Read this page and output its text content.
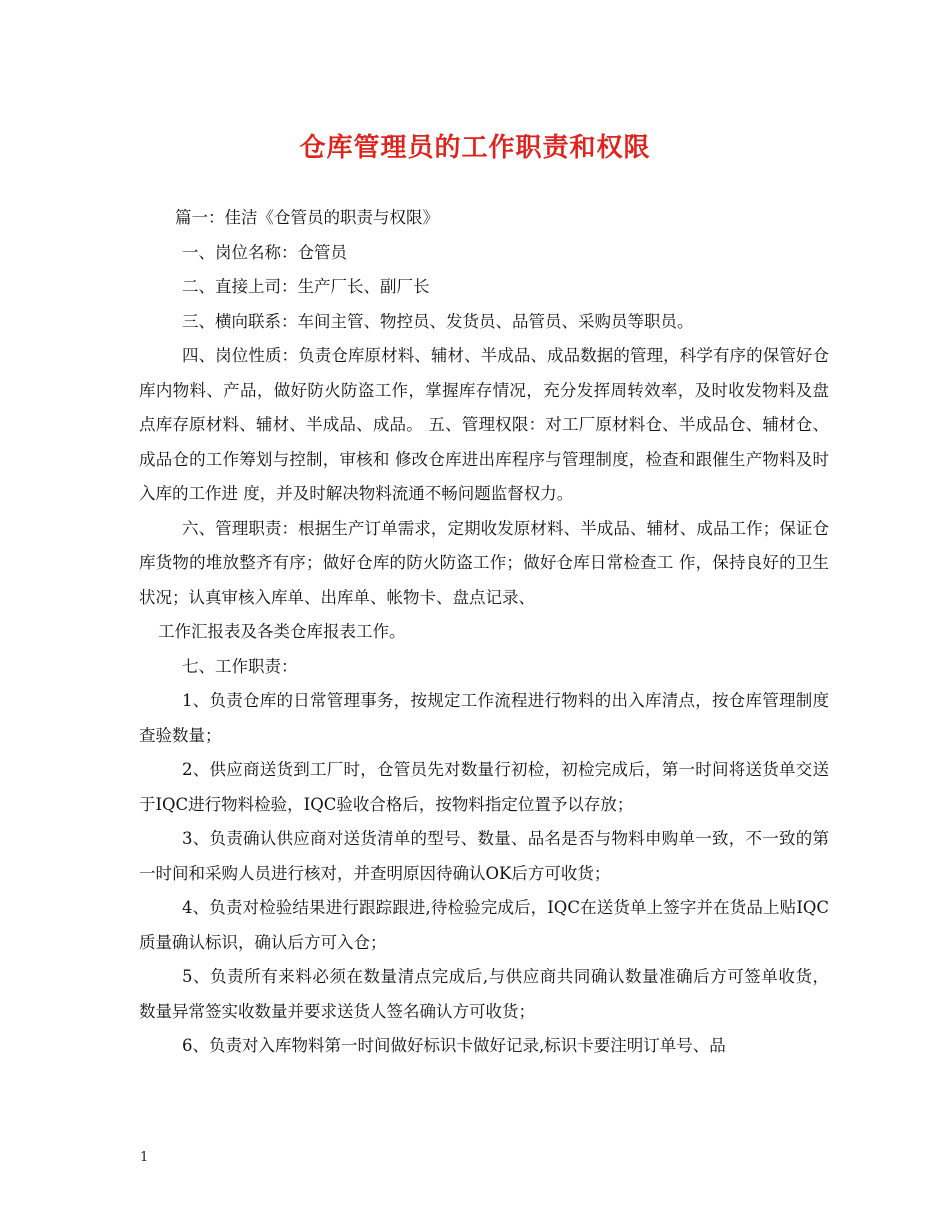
仓库管理员的工作职责和权限

篇一：佳洁《仓管员的职责与权限》

一、岗位名称：仓管员

二、直接上司：生产厂长、副厂长

三、横向联系：车间主管、物控员、发货员、品管员、采购员等职员。

四、岗位性质：负责仓库原材料、辅材、半成品、成品数据的管理，科学有序的保管好仓 库内物料、产品，做好防火防盗工作，掌握库存情况，充分发挥周转效率，及时收发物料及盘点库存原材料、辅材、半成品、成品。 五、管理权限：对工厂原材料仓、半成品仓、辅材仓、成品仓的工作筹划与控制，审核和 修改仓库进出库程序与管理制度，检查和跟催生产物料及时入库的工作进 度，并及时解决物料流通不畅问题监督权力。

六、管理职责：根据生产订单需求，定期收发原材料、半成品、辅材、成品工作；保证仓 库货物的堆放整齐有序；做好仓库的防火防盗工作；做好仓库日常检查工 作，保持良好的卫生状况；认真审核入库单、出库单、帐物卡、盘点记录、

工作汇报表及各类仓库报表工作。

七、工作职责：

1、负责仓库的日常管理事务，按规定工作流程进行物料的出入库清点，按仓库管理制度 查验数量；

2、供应商送货到工厂时，仓管员先对数量行初检，初检完成后，第一时间将送货单交送 于IQC进行物料检验，IQC验收合格后，按物料指定位置予以存放；

3、负责确认供应商对送货清单的型号、数量、品名是否与物料申购单一致，不一致的第 一时间和采购人员进行核对，并查明原因待确认OK后方可收货；

4、负责对检验结果进行跟踪跟进,待检验完成后，IQC在送货单上签字并在货品上贴IQC 质量确认标识，确认后方可入仓；

5、负责所有来料必须在数量清点完成后,与供应商共同确认数量准确后方可签单收货， 数量异常签实收数量并要求送货人签名确认方可收货；

6、负责对入库物料第一时间做好标识卡做好记录,标识卡要注明订单号、品

1
